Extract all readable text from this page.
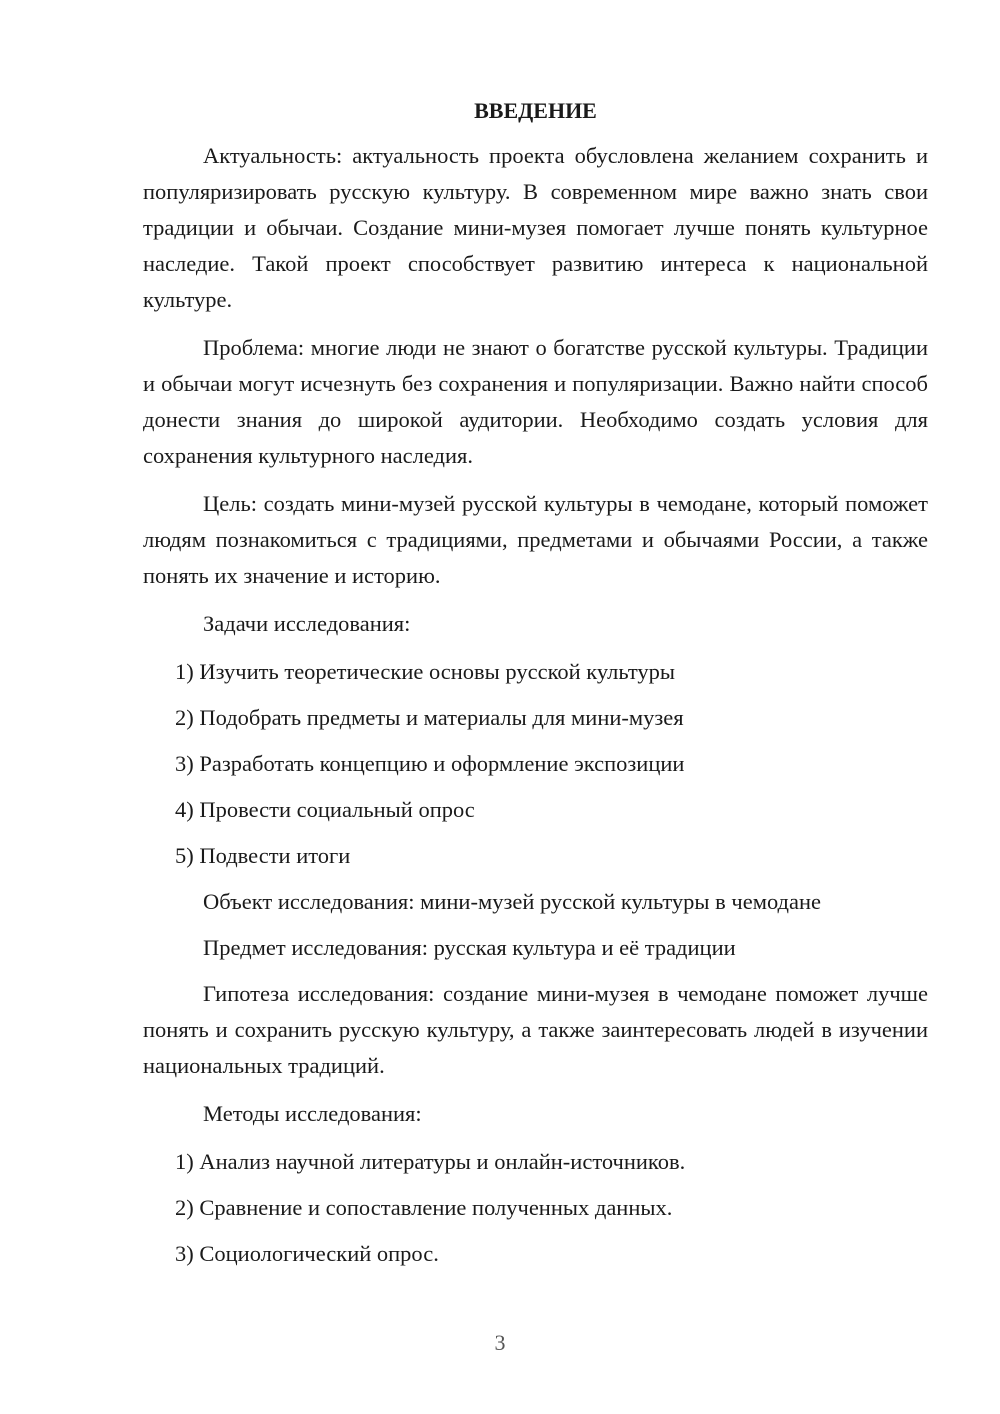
ВВЕДЕНИЕ

Актуальность: актуальность проекта обусловлена желанием сохранить и популяризировать русскую культуру. В современном мире важно знать свои традиции и обычаи. Создание мини-музея помогает лучше понять культурное наследие. Такой проект способствует развитию интереса к национальной культуре.

Проблема: многие люди не знают о богатстве русской культуры. Традиции и обычаи могут исчезнуть без сохранения и популяризации. Важно найти способ донести знания до широкой аудитории. Необходимо создать условия для сохранения культурного наследия.

Цель: создать мини-музей русской культуры в чемодане, который поможет людям познакомиться с традициями, предметами и обычаями России, а также понять их значение и историю.

Задачи исследования:
1) Изучить теоретические основы русской культуры
2) Подобрать предметы и материалы для мини-музея
3) Разработать концепцию и оформление экспозиции
4) Провести социальный опрос
5) Подвести итоги
Объект исследования: мини-музей русской культуры в чемодане
Предмет исследования: русская культура и её традиции

Гипотеза исследования: создание мини-музея в чемодане поможет лучше понять и сохранить русскую культуру, а также заинтересовать людей в изучении национальных традиций.

Методы исследования:
1) Анализ научной литературы и онлайн-источников.
2) Сравнение и сопоставление полученных данных.
3) Социологический опрос.
3
